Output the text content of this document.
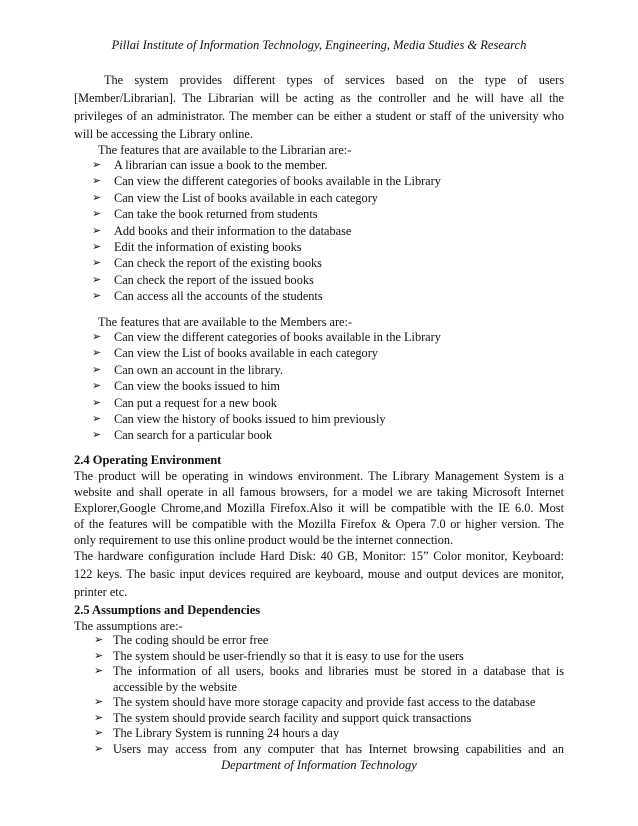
Pillai Institute of Information Technology, Engineering, Media Studies & Research
The system provides different types of services based on the type of users
[Member/Librarian]. The Librarian will be acting as the controller and he will have all the
privileges of an administrator. The member can be either a student or staff of the university who
will be accessing the Library online.
The features that are available to the Librarian are:-
➢ A librarian can issue a book to the member.
➢ Can view the different categories of books available in the Library
➢ Can view the List of books available in each category
➢ Can take the book returned from students
➢ Add books and their information to the database
➢ Edit the information of existing books
➢ Can check the report of the existing books
➢ Can check the report of the issued books
➢ Can access all the accounts of the students
The features that are available to the Members are:-
➢ Can view the different categories of books available in the Library
➢ Can view the List of books available in each category
➢ Can own an account in the library.
➢ Can view the books issued to him
➢ Can put a request for a new book
➢ Can view the history of books issued to him previously
➢ Can search for a particular book
2.4 Operating Environment
The product will be operating in windows environment. The Library Management System is a
website and shall operate in all famous browsers, for a model we are taking Microsoft Internet
Explorer,Google Chrome,and Mozilla Firefox.Also it will be compatible with the IE 6.0. Most
of the features will be compatible with the Mozilla Firefox & Opera 7.0 or higher version. The
only requirement to use this online product would be the internet connection.
The hardware configuration include Hard Disk: 40 GB, Monitor: 15” Color monitor, Keyboard:
122 keys. The basic input devices required are keyboard, mouse and output devices are monitor,
printer etc.
2.5 Assumptions and Dependencies
The assumptions are:-
➢ The coding should be error free
➢ The system should be user-friendly so that it is easy to use for the users
➢ The information of all users, books and libraries must be stored in a database that is
accessible by the website
➢ The system should have more storage capacity and provide fast access to the database
➢ The system should provide search facility and support quick transactions
➢ The Library System is running 24 hours a day
➢ Users may access from any computer that has Internet browsing capabilities and an
Department of Information Technology
